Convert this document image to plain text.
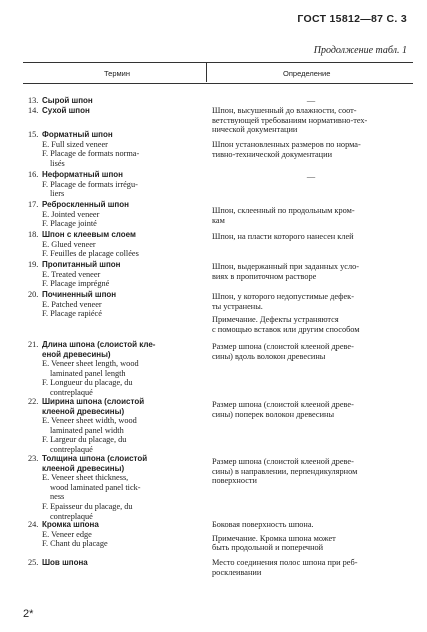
ГОСТ 15812—87 С. 3
Продолжение табл. 1
Термин	Определение
13. Сырой шпон
14. Сухой шпон
15. Форматный шпон
E. Full sized veneer
F. Placage de formats norma-
lisés
16. Неформатный шпон
F. Placage de formats irrégu-
liers
17. Реброскленный шпон
E. Jointed veneer
F. Placage jointé
18. Шпон с клеевым слоем
E. Glued veneer
F. Feuilles de placage collées
19. Пропитанный шпон
E. Treated veneer
F. Placage imprégné
20. Починенный шпон
E. Patched veneer
F. Placage rapiécé
21. Длина шпона (слоистой кле-
еной древесины)
E. Veneer sheet length, wood
laminated panel length
F. Longueur du placage, du
contreplaqué
22. Ширина шпона (слоистой
клееной древесины)
E. Veneer sheet width, wood
laminated panel width
F. Largeur du placage, du
contreplaqué
23. Толщина шпона (слоистой
клееной древесины)
E. Veneer sheet thickness,
wood laminated panel tick-
ness
F. Epaisseur du placage, du
contreplaqué
24. Кромка шпона
E. Veneer edge
F. Chant du placage
25. Шов шпона
—
Шпон, высушенный до влажности, соот-
ветствующей требованиям нормативно-тех-
нической документации
Шпон установленных размеров по норма-
тивно-технической документации
—
Шпон, склеенный по продольным кром-
кам
Шпон, на пласти которого нанесен клей
Шпон, выдержанный при заданных усло-
виях в пропиточном растворе
Шпон, у которого недопустимые дефек-
ты устранены.
Примечание. Дефекты устраняются
с помощью вставок или другим способом
Размер шпона (слоистой клееной древе-
сины) вдоль волокон древесины
Размер шпона (слоистой клееной древе-
сины) поперек волокон древесины
Размер шпона (слоистой клееной древе-
сины) в направлении, перпендикулярном
поверхности
Боковая поверхность шпона.
Примечание. Кромка шпона может
быть продольной и поперечной
Место соединения полос шпона при реб-
росклеивании
2*
